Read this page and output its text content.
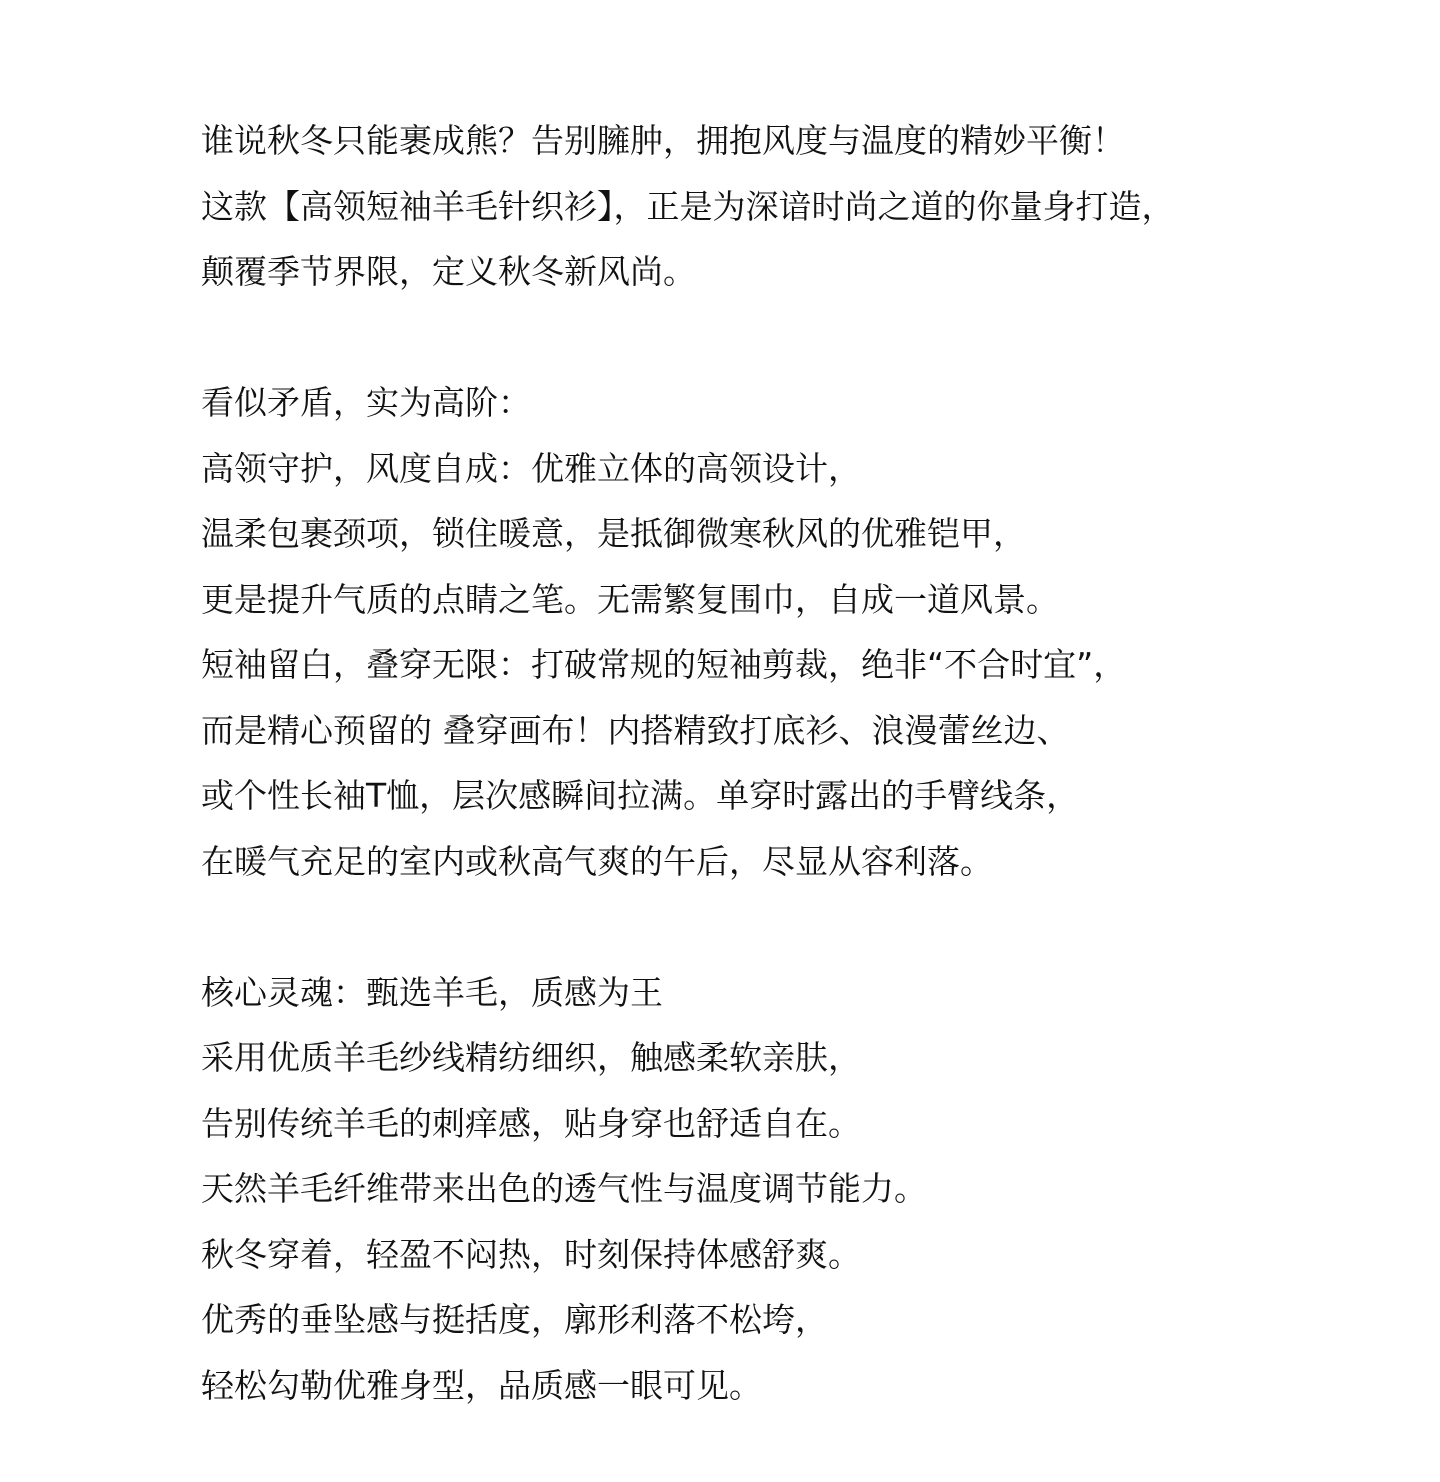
谁说秋冬只能裹成熊？告别臃肿，拥抱风度与温度的精妙平衡！
这款【高领短袖羊毛针织衫】，正是为深谙时尚之道的你量身打造，
颠覆季节界限，定义秋冬新风尚。
看似矛盾，实为高阶：
高领守护，风度自成：优雅立体的高领设计，
温柔包裹颈项，锁住暖意，是抵御微寒秋风的优雅铠甲，
更是提升气质的点睛之笔。无需繁复围巾，自成一道风景。
短袖留白，叠穿无限：打破常规的短袖剪裁，绝非“不合时宜”，
而是精心预留的 叠穿画布！内搭精致打底衫、浪漫蕾丝边、
或个性长袖T恤，层次感瞬间拉满。单穿时露出的手臂线条，
在暖气充足的室内或秋高气爽的午后，尽显从容利落。
核心灵魂：甄选羊毛，质感为王
采用优质羊毛纱线精纺细织，触感柔软亲肤，
告别传统羊毛的刺痒感，贴身穿也舒适自在。
天然羊毛纤维带来出色的透气性与温度调节能力。
秋冬穿着，轻盈不闷热，时刻保持体感舒爽。
优秀的垂坠感与挺括度，廓形利落不松垮，
轻松勾勒优雅身型，品质感一眼可见。
